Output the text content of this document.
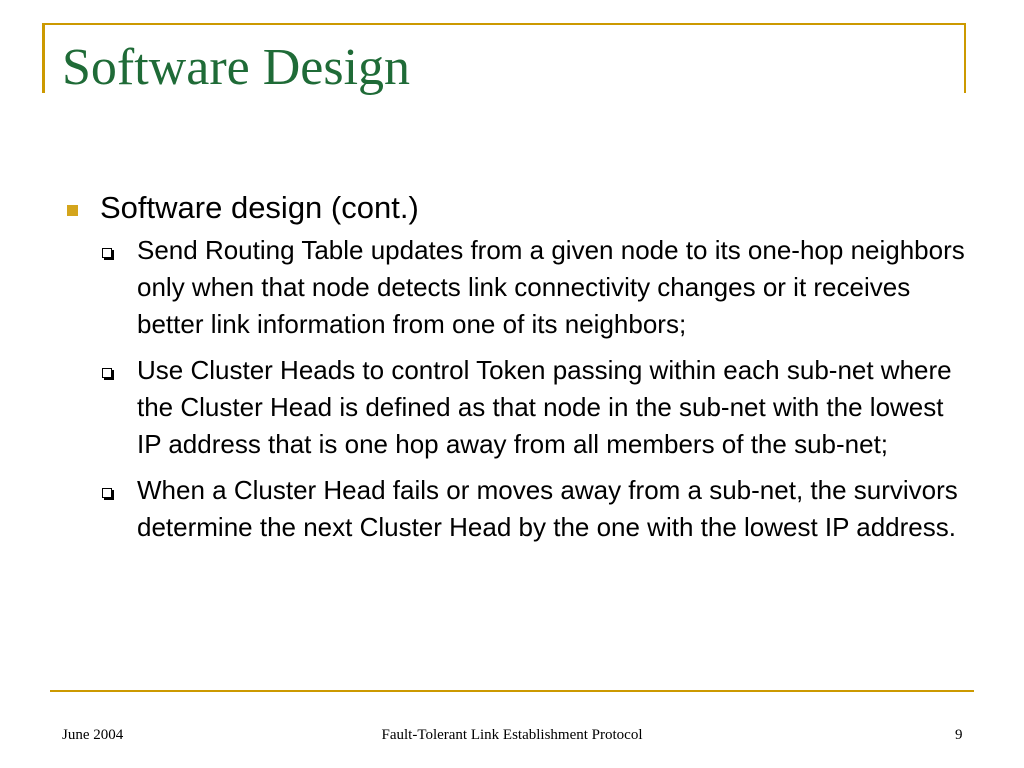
Software Design
Software design (cont.)
Send Routing Table updates from a given node to its one-hop neighbors only when that node detects link connectivity changes or it receives better link information from one of its neighbors;
Use Cluster Heads to control Token passing within each sub-net where the Cluster Head is defined as that node in the sub-net with the lowest IP address that is one hop away from all members of the sub-net;
When a Cluster Head fails or moves away from a sub-net, the survivors determine the next Cluster Head by the one with the lowest IP address.
June 2004	Fault-Tolerant Link Establishment Protocol	9
